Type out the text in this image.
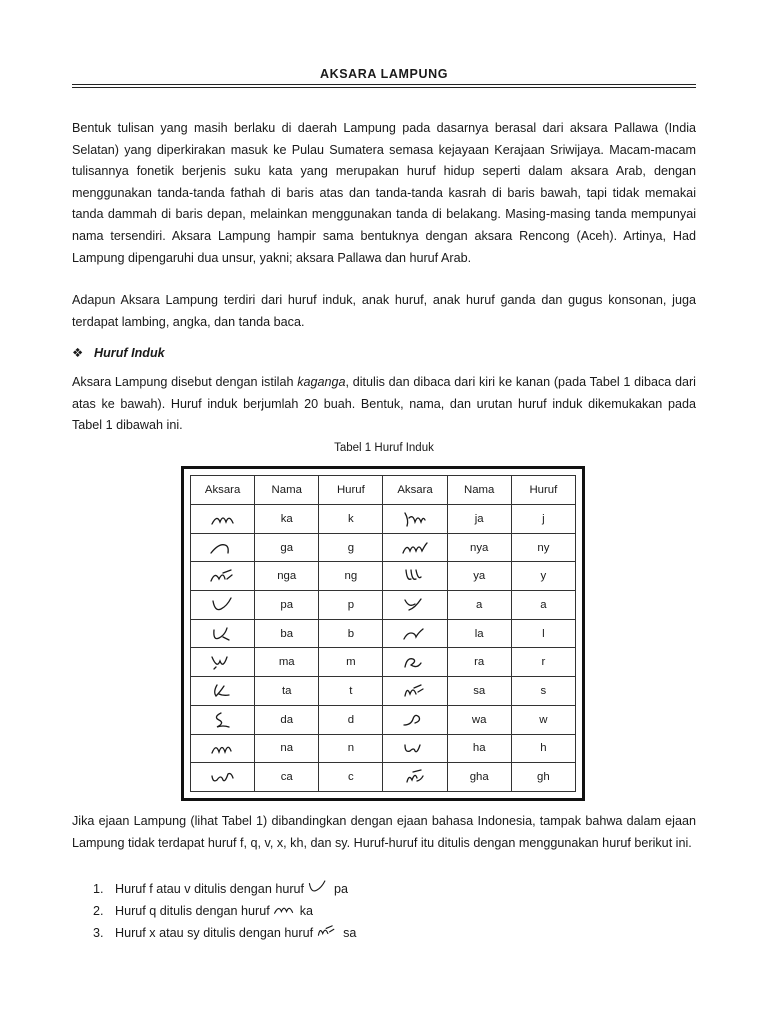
AKSARA LAMPUNG

Bentuk tulisan yang masih berlaku di daerah Lampung pada dasarnya berasal dari aksara Pallawa (India Selatan) yang diperkirakan masuk ke Pulau Sumatera semasa kejayaan Kerajaan Sriwijaya. Macam-macam tulisannya fonetik berjenis suku kata yang merupakan huruf hidup seperti dalam aksara Arab, dengan menggunakan tanda-tanda fathah di baris atas dan tanda-tanda kasrah di baris bawah, tapi tidak memakai tanda dammah di baris depan, melainkan menggunakan tanda di belakang. Masing-masing tanda mempunyai nama tersendiri. Aksara Lampung hampir sama bentuknya dengan aksara Rencong (Aceh). Artinya, Had Lampung dipengaruhi dua unsur, yakni; aksara Pallawa dan huruf Arab.

Adapun Aksara Lampung terdiri dari huruf induk, anak huruf, anak huruf ganda dan gugus konsonan, juga terdapat lambing, angka, dan tanda baca.

❖ Huruf Induk

Aksara Lampung disebut dengan istilah kaganga, ditulis dan dibaca dari kiri ke kanan (pada Tabel 1 dibaca dari atas ke bawah). Huruf induk berjumlah 20 buah. Bentuk, nama, dan urutan huruf induk dikemukakan pada Tabel 1 dibawah ini.

Tabel 1 Huruf Induk
Aksara	Nama	Huruf	Aksara	Nama	Huruf

	ka	k		ja	j

	ga	g		nya	ny

	nga	ng		ya	y

	pa	p		a	a

	ba	b		la	l

	ma	m		ra	r

	ta	t		sa	s

	da	d		wa	w

	na	n		ha	h

	ca	c		gha	gh

Jika ejaan Lampung (lihat Tabel 1) dibandingkan dengan ejaan bahasa Indonesia, tampak bahwa dalam ejaan Lampung tidak terdapat huruf f, q, v, x, kh, dan sy. Huruf-huruf itu ditulis dengan menggunakan huruf berikut ini.

1. Huruf f atau v ditulis dengan huruf pa
2. Huruf q ditulis dengan huruf ka
3. Huruf x atau sy ditulis dengan huruf sa
